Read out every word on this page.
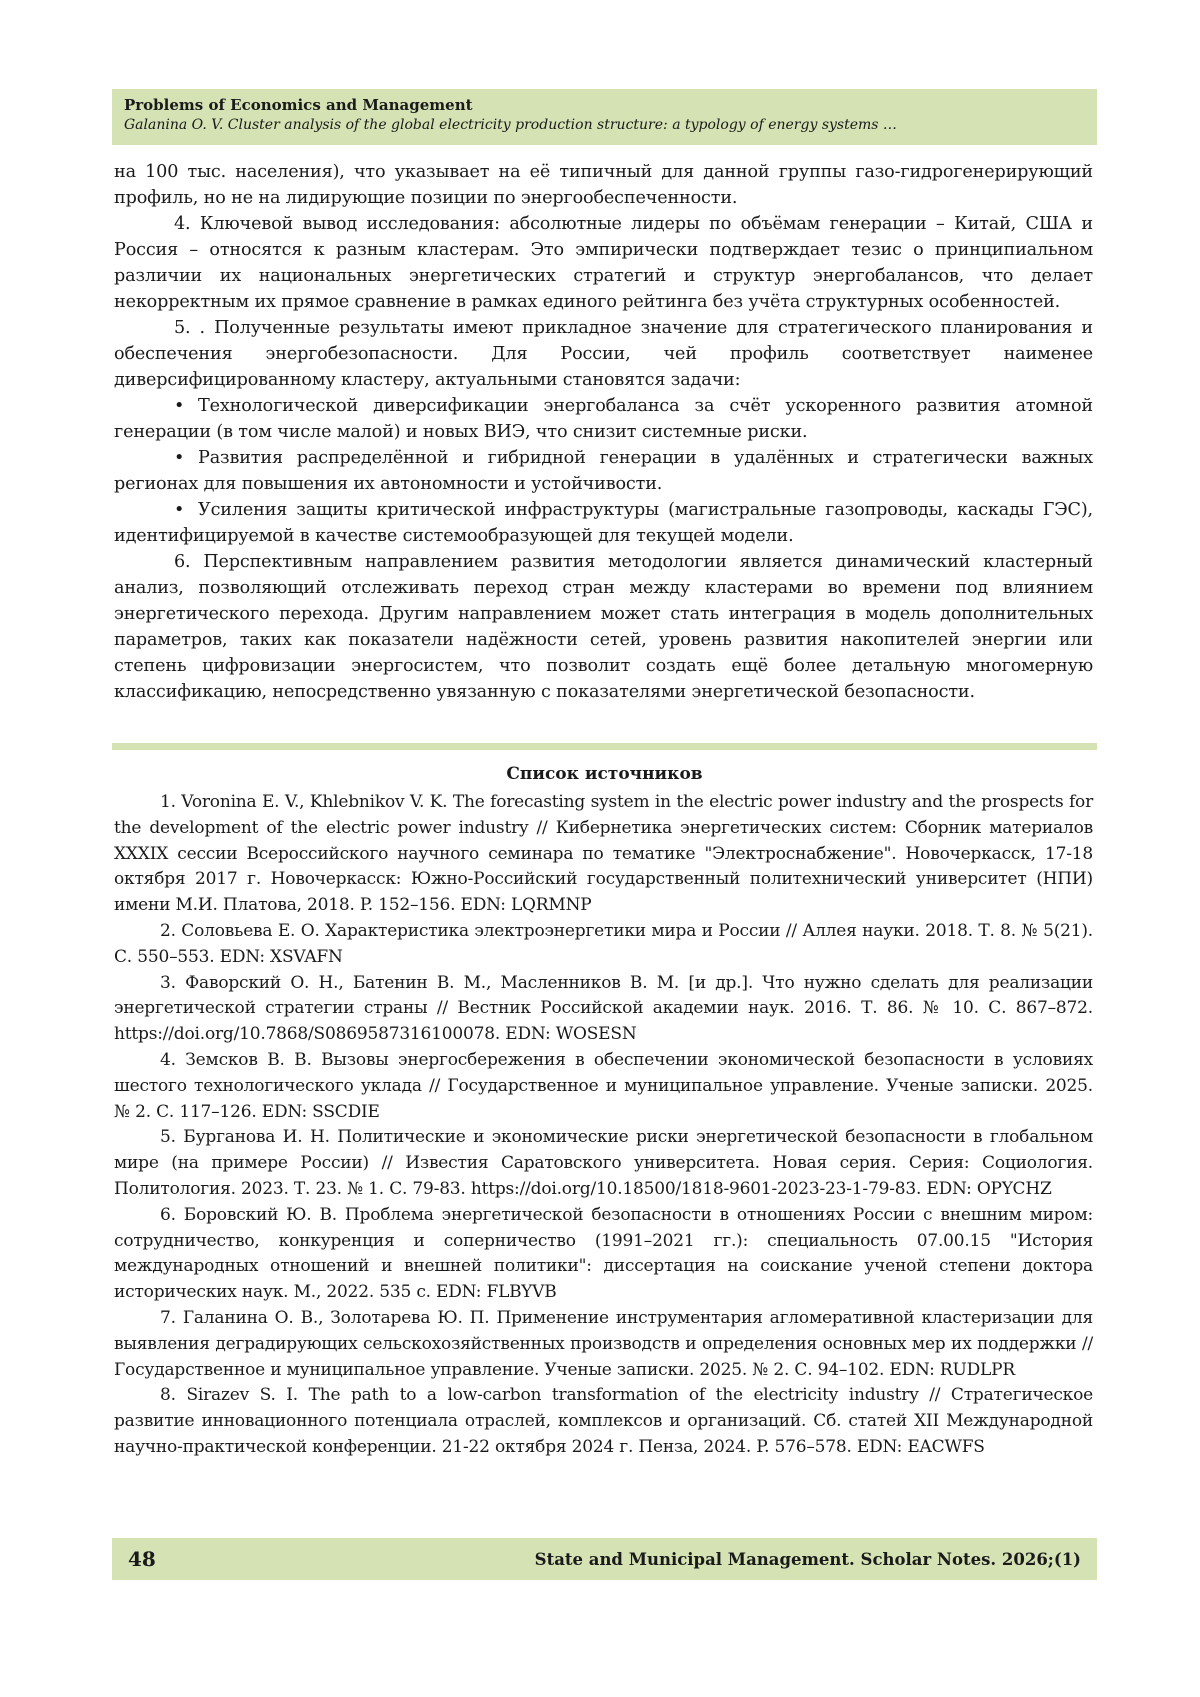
Problems of Economics and Management
Galanina O. V. Cluster analysis of the global electricity production structure: a typology of energy systems …

на 100 тыс. населения), что указывает на её типичный для данной группы газо-гидрогенерирующий профиль, но не на лидирующие позиции по энергообеспеченности.

4. Ключевой вывод исследования: абсолютные лидеры по объёмам генерации – Китай, США и Россия – относятся к разным кластерам. Это эмпирически подтверждает тезис о принципиальном различии их национальных энергетических стратегий и структур энергобалансов, что делает некорректным их прямое сравнение в рамках единого рейтинга без учёта структурных особенностей.

5. . Полученные результаты имеют прикладное значение для стратегического планирования и обеспечения энергобезопасности. Для России, чей профиль соответствует наименее диверсифицированному кластеру, актуальными становятся задачи:

• Технологической диверсификации энергобаланса за счёт ускоренного развития атомной генерации (в том числе малой) и новых ВИЭ, что снизит системные риски.

• Развития распределённой и гибридной генерации в удалённых и стратегически важных регионах для повышения их автономности и устойчивости.

• Усиления защиты критической инфраструктуры (магистральные газопроводы, каскады ГЭС), идентифицируемой в качестве системообразующей для текущей модели.

6. Перспективным направлением развития методологии является динамический кластерный анализ, позволяющий отслеживать переход стран между кластерами во времени под влиянием энергетического перехода. Другим направлением может стать интеграция в модель дополнительных параметров, таких как показатели надёжности сетей, уровень развития накопителей энергии или степень цифровизации энергосистем, что позволит создать ещё более детальную многомерную классификацию, непосредственно увязанную с показателями энергетической безопасности.

Список источников

1. Voronina E. V., Khlebnikov V. K. The forecasting system in the electric power industry and the prospects for the development of the electric power industry // Кибернетика энергетических систем: Сборник материалов XXXIX сессии Всероссийского научного семинара по тематике "Электроснабжение". Новочеркасск, 17-18 октября 2017 г. Новочеркасск: Южно-Российский государственный политехнический университет (НПИ) имени М.И. Платова, 2018. P. 152–156. EDN: LQRMNP

2. Соловьева Е. О. Характеристика электроэнергетики мира и России // Аллея науки. 2018. Т. 8. № 5(21). С. 550–553. EDN: XSVAFN

3. Фаворский О. Н., Батенин В. М., Масленников В. М. [и др.]. Что нужно сделать для реализации энергетической стратегии страны // Вестник Российской академии наук. 2016. Т. 86. № 10. С. 867–872. https://doi.org/10.7868/S0869587316100078. EDN: WOSESN

4. Земсков В. В. Вызовы энергосбережения в обеспечении экономической безопасности в условиях шестого технологического уклада // Государственное и муниципальное управление. Ученые записки. 2025. № 2. С. 117–126. EDN: SSCDIE

5. Бурганова И. Н. Политические и экономические риски энергетической безопасности в глобальном мире (на примере России) // Известия Саратовского университета. Новая серия. Серия: Социология. Политология. 2023. Т. 23. № 1. С. 79-83. https://doi.org/10.18500/1818-9601-2023-23-1-79-83. EDN: OPYCHZ

6. Боровский Ю. В. Проблема энергетической безопасности в отношениях России с внешним миром: сотрудничество, конкуренция и соперничество (1991–2021 гг.): специальность 07.00.15 "История международных отношений и внешней политики": диссертация на соискание ученой степени доктора исторических наук. М., 2022. 535 с. EDN: FLBYVB

7. Галанина О. В., Золотарева Ю. П. Применение инструментария агломеративной кластеризации для выявления деградирующих сельскохозяйственных производств и определения основных мер их поддержки // Государственное и муниципальное управление. Ученые записки. 2025. № 2. С. 94–102. EDN: RUDLPR

8. Sirazev S. I. The path to a low-carbon transformation of the electricity industry // Стратегическое развитие инновационного потенциала отраслей, комплексов и организаций. Сб. статей XII Международной научно-практической конференции. 21-22 октября 2024 г. Пенза, 2024. P. 576–578. EDN: EACWFS

48	State and Municipal Management. Scholar Notes. 2026;(1)
